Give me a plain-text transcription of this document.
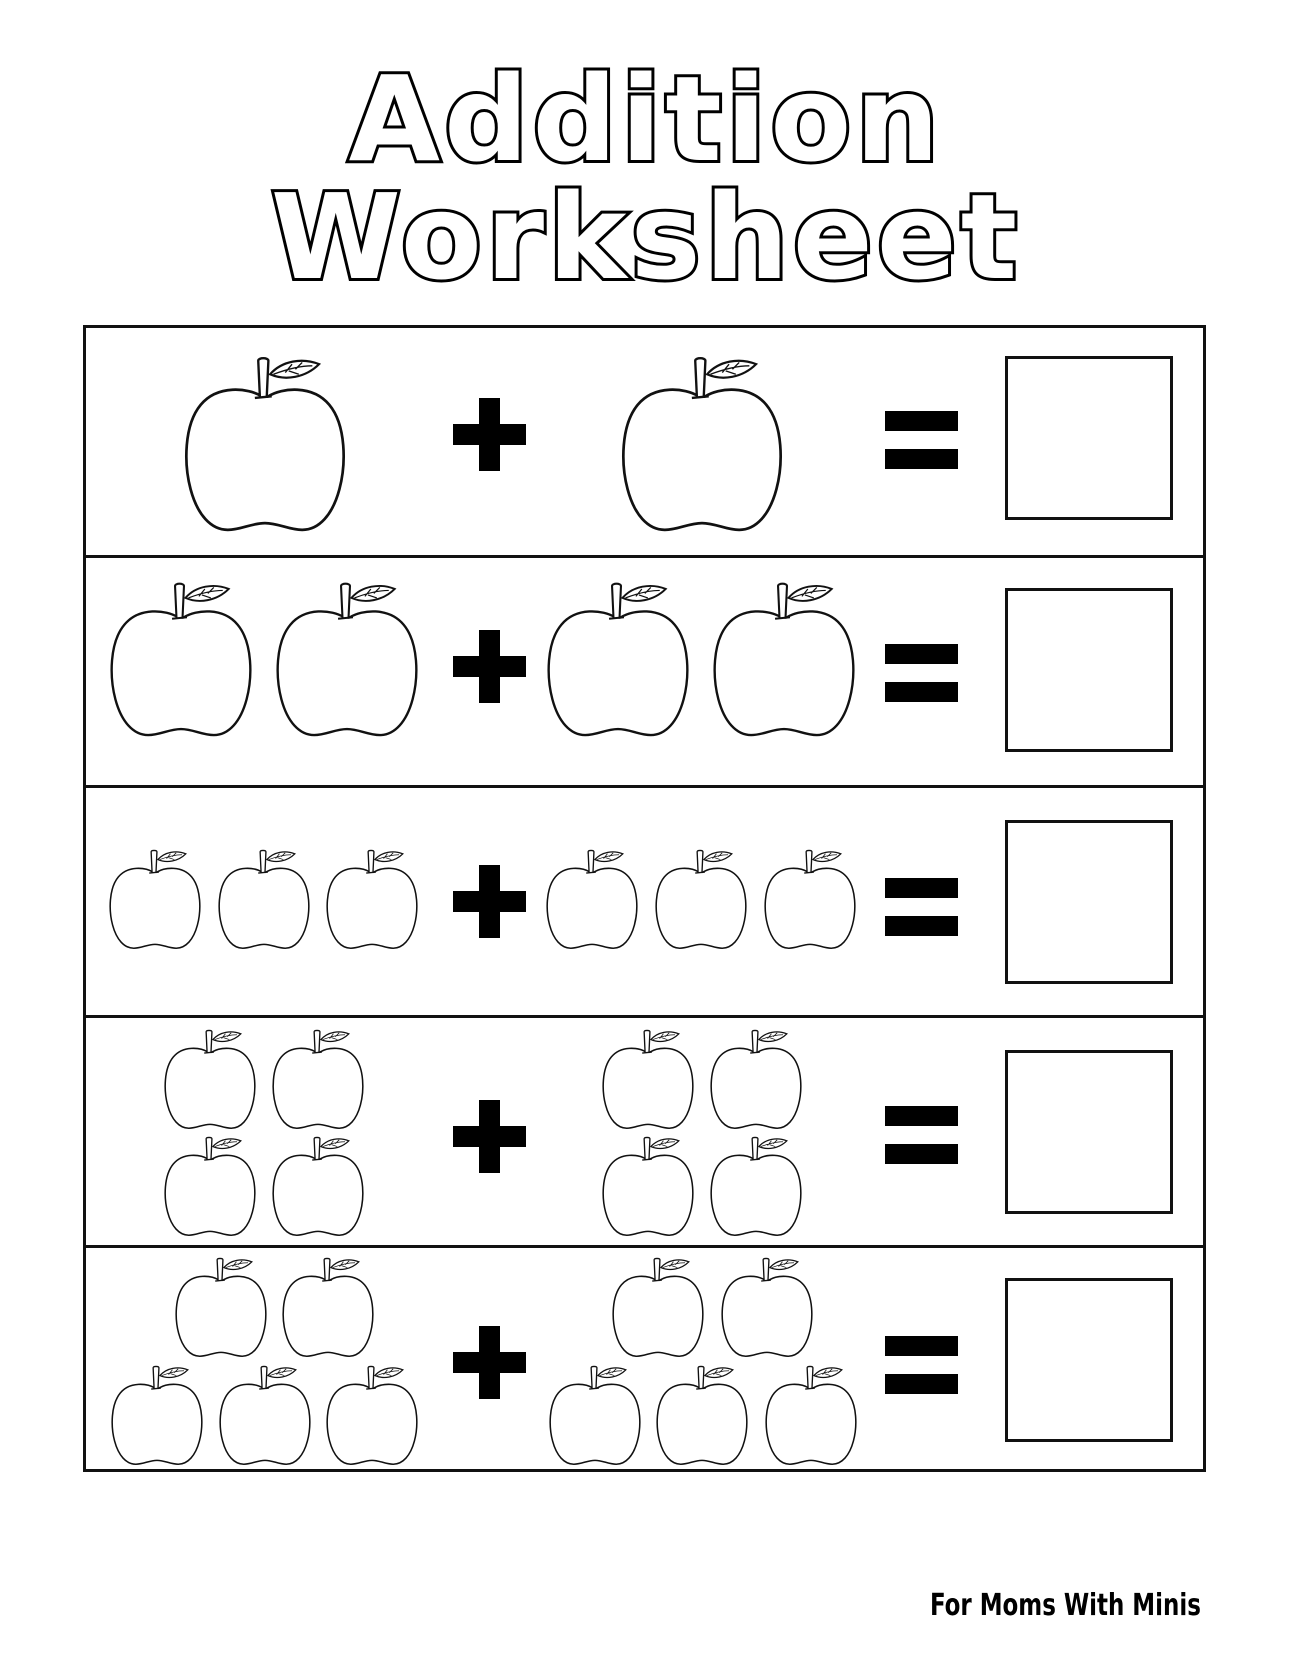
Addition Worksheet
For Moms With Minis
